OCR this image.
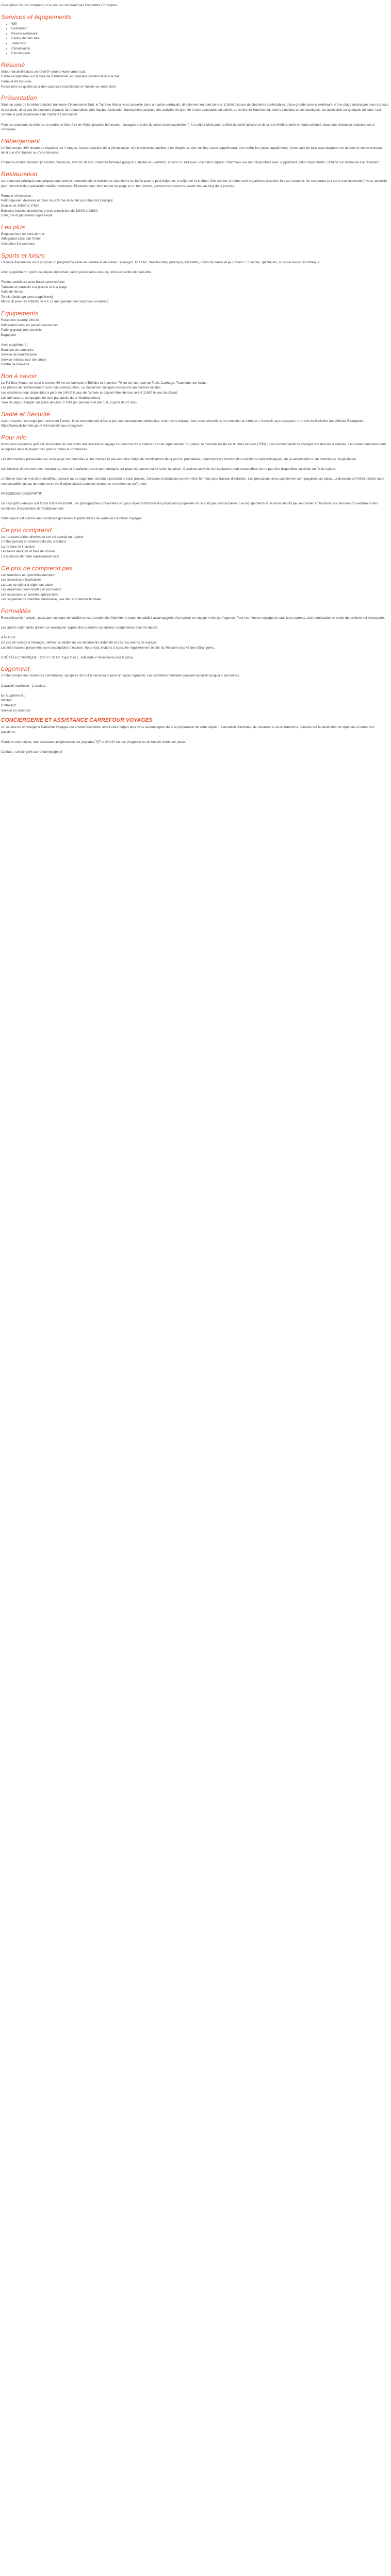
Description Ce prix comprend / Ce prix ne comprend pas Formalités Consignes
Services et équipements
• Wifi
• Restaurant
• Piscine extérieure
• Centre de bien être
• Télévision
• Climatisation
• Conciergerie
Résumé

Séjour ensoleillé dans un hôtel 5* situé à Hammamet sud.
Cadre exceptionnel sur la baie de Hammamet, en première position face à la mer.
Formule All inclusive.
Prestations de qualité pour des vacances inoubliables en famille ou entre amis.

Présentation

Situé au cœur de la célèbre station balnéaire d'Hammamet Sud, le Tui Blue Manar vous accueille dans un cadre verdoyant, directement en bord de mer. L'hôtel dispose de chambres confortables, d'une grande piscine extérieure, d'une plage aménagée avec transats et parasols, ainsi que de plusieurs espaces de restauration. Une équipe d'animation francophone propose des activités en journée et des spectacles en soirée. Le centre de Hammamet, avec sa médina et ses boutiques, est accessible en quelques minutes, tout comme le port de plaisance de Yasmine Hammamet.

Pour les amateurs de détente, le centre de bien-être de l'hôtel propose hammam, massages et soins du corps (avec supplément). Un séjour idéal pour profiter du soleil tunisien et de la mer Méditerranée en toute sérénité, dans une ambiance chaleureuse et conviviale.

Hébergement

L'hôtel compte 300 chambres réparties sur 4 étages, toutes équipées de la climatisation, d'une télévision satellite, d'un téléphone, d'un minibar (avec supplément), d'un coffre-fort (avec supplément), d'une salle de bain avec baignoire ou douche et sèche-cheveux, ainsi que d'un balcon ou d'une terrasse.

Chambre double standard (2 adultes maximum, environ 28 m²). Chambre familiale (jusqu'à 2 adultes et 2 enfants, environ 35 m²) avec coin salon séparé. Chambres vue mer disponibles avec supplément, selon disponibilité. Lit bébé sur demande à la réception.

Restauration

Le restaurant principal vous propose une cuisine internationale et tunisienne sous forme de buffet pour le petit-déjeuner, le déjeuner et le dîner. Des soirées à thème sont organisées plusieurs fois par semaine. Un restaurant à la carte (sur réservation) vous accueille pour découvrir des spécialités méditerranéennes. Plusieurs bars, dont un bar de plage et un bar piscine, servent des boissons locales tout au long de la journée.

Formule All inclusive :
Petit-déjeuner, déjeuner et dîner sous forme de buffet au restaurant principal
Snacks de 10h00 à 17h00
Boissons locales alcoolisées et non alcoolisées de 10h00 à 23h00
Café, thé et pâtisseries l'après-midi

Les plus

Emplacement en bord de mer
Wifi gratuit dans tout l'hôtel
Animation francophone

Sports et loisirs

L'équipe d'animation vous propose un programme varié en journée et en soirée : aquagym, tir à l'arc, beach-volley, pétanque, fléchettes, cours de danse et jeux divers. En soirée, spectacles, musique live et discothèque.

Avec supplément : sports nautiques motorisés (selon prestataires locaux), soins au centre de bien-être.

Piscine extérieure avec bassin pour enfants
Transats et parasols à la piscine et à la plage
Salle de fitness
Tennis (éclairage avec supplément)
Mini-club pour les enfants de 4 à 12 ans (pendant les vacances scolaires)

Equipements

Réception ouverte 24h/24
Wifi gratuit dans les parties communes
Parking gratuit non surveillé
Bagagerie

Avec supplément :
Boutique de souvenirs
Service de blanchisserie
Service médical (sur demande)
Centre de bien-être

Bon à savoir

Le Tui Blue Manar est situé à environ 60 km de l'aéroport d'Enfidha et à environ 70 km de l'aéroport de Tunis-Carthage. Transferts non inclus.
Les photos de l'établissement sont non contractuelles. Le classement indiqué correspond aux normes locales.
Les chambres sont disponibles à partir de 14h00 le jour de l'arrivée et doivent être libérées avant 12h00 le jour du départ.
Les animaux de compagnie ne sont pas admis dans l'établissement.
Taxe de séjour à régler sur place (environ 3 TND par personne et par nuit, à partir de 12 ans).

Santé et Sécurité

Aucun vaccin n'est exigé pour entrer en Tunisie. Il est recommandé d'être à jour des vaccinations habituelles. Avant votre départ, nous vous conseillons de consulter la rubrique « Conseils aux voyageurs » du site du Ministère des Affaires Étrangères : https://www.diplomatie.gouv.fr/fr/conseils-aux-voyageurs

Pour info

Nous vous rappelons qu'il est nécessaire de contracter une assurance voyage couvrant les frais médicaux et de rapatriement. Sur place, la monnaie locale est le dinar tunisien (TND) ; il est recommandé de changer vos devises à l'arrivée. Les cartes bancaires sont acceptées dans la plupart des grands hôtels et commerces.

Les informations présentées sur cette page sont données à titre indicatif et peuvent faire l'objet de modifications de la part du prestataire, notamment en fonction des conditions météorologiques, de la saisonnalité ou de contraintes d'exploitation.

Les horaires d'ouverture des restaurants, bars et installations sont communiqués sur place et peuvent varier selon la saison. Certaines activités et installations sont susceptibles de ne pas être disponibles en début ou fin de saison.

L'hôtel se réserve le droit de modifier, d'ajouter ou de supprimer certaines prestations sans préavis. Certaines installations peuvent être fermées pour travaux d'entretien. Les prestations avec supplément sont payables sur place. La direction de l'hôtel décline toute responsabilité en cas de perte ou de vol d'objets laissés dans les chambres en dehors du coffre-fort.

PRÉCISIONS DESCRIPTIF

Le descriptif ci-dessus est fourni à titre informatif. Les photographies présentées ont pour objectif d'illustrer les prestations proposées et ne sont pas contractuelles. Les équipements et services décrits peuvent varier en fonction des périodes d'ouverture et des conditions d'exploitation de l'établissement.

Votre séjour est soumis aux conditions générales et particulières de vente de Carrefour Voyages.

Ce prix comprend

Le transport aérien aller/retour sur vol spécial ou régulier
L'hébergement en chambre double standard
La formule All inclusive
Les taxes aéroport et frais de dossier
L'assistance de notre représentant local

Ce prix ne comprend pas

Les transferts aéroport/hôtel/aéroport
Les assurances facultatives
La taxe de séjour à régler sur place
Les dépenses personnelles et pourboires
Les excursions et activités optionnelles
Les suppléments chambre individuelle, vue mer et chambre familiale

Formalités

Ressortissants français : passeport en cours de validité ou carte nationale d'identité en cours de validité accompagnée d'un carnet de voyage remis par l'agence. Pour les mineurs voyageant sans leurs parents, une autorisation de sortie du territoire est nécessaire.

Les autres nationalités doivent se renseigner auprès des autorités consulaires compétentes avant le départ.

A NOTER
En cas de voyage à l'étranger, vérifiez la validité de vos documents d'identité et des documents de voyage.
Les informations présentées sont susceptibles d'évoluer. Nous vous invitons à consulter régulièrement le site du Ministère des Affaires Étrangères.

COÛT ÉLECTRONIQUE : 230 V / 50 Hz. Type C et E. Adaptateur nécessaire pour la prise.

Logement

L'hôtel compte des chambres confortables, équipées de tout le nécessaire pour un séjour agréable. Les chambres familiales peuvent accueillir jusqu'à 4 personnes.

Capacité maximale : 2 adultes.

En supplément :
Minibar
Coffre-fort
Service en chambre

CONCIERGERIE ET ASSISTANCE CARREFOUR VOYAGES

Un service de conciergerie Carrefour Voyages est à votre disposition avant votre départ pour vous accompagner dans la préparation de votre séjour : réservation d'activités, de restaurants ou de transferts, conseils sur la destination et réponses à toutes vos questions.

Pendant votre séjour, une assistance téléphonique est joignable 7j/7 et 24h/24 en cas d'urgence ou de besoin d'aide sur place.

Contact : conciergerie.carrefourvoyages.fr
